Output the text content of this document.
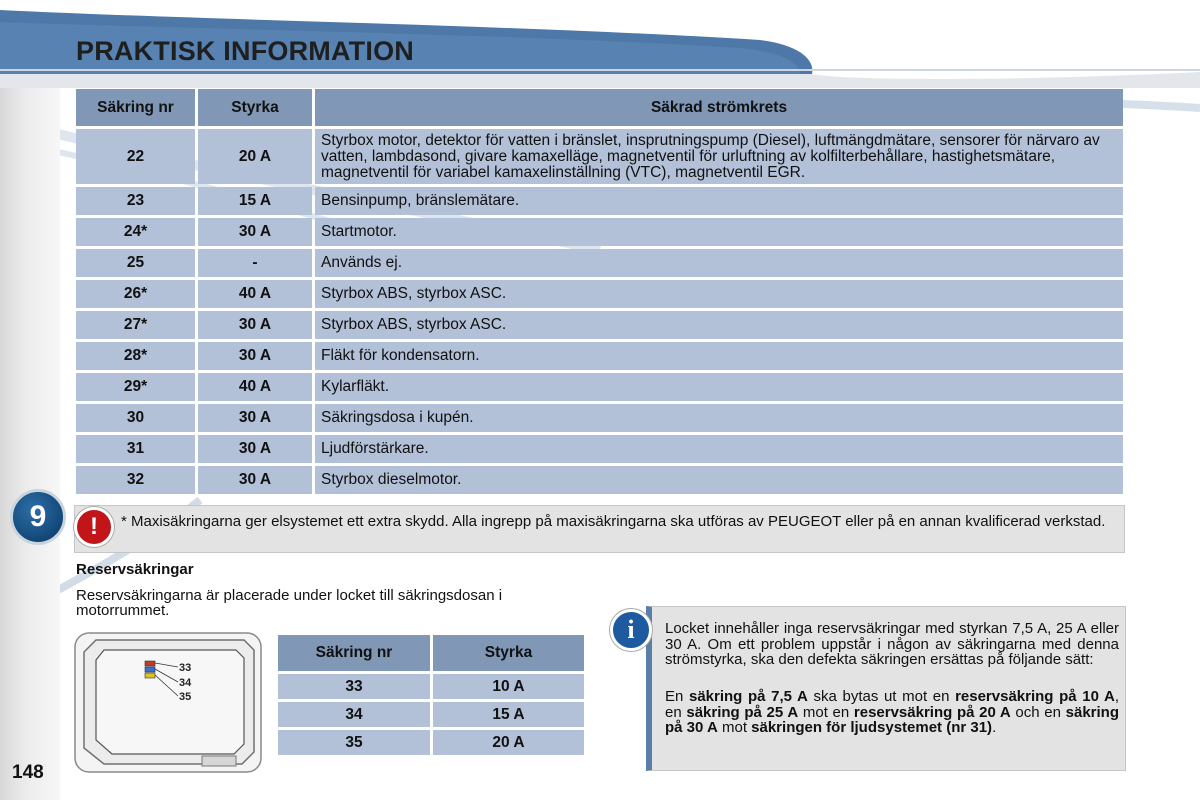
PRAKTISK INFORMATION
9
148
Säkring nr	Styrka	Säkrad strömkrets
22	20 A	Styrbox motor, detektor för vatten i bränslet, insprutningspump (Diesel), luftmängdmätare, sensorer för närvaro av vatten, lambdasond, givare kamaxelläge, magnetventil för urluftning av kolfilterbehållare, hastighetsmätare, magnetventil för variabel kamaxelinställning (VTC), magnetventil EGR.
23	15 A	Bensinpump, bränslemätare.
24*	30 A	Startmotor.
25	-	Används ej.
26*	40 A	Styrbox ABS, styrbox ASC.
27*	30 A	Styrbox ABS, styrbox ASC.
28*	30 A	Fläkt för kondensatorn.
29*	40 A	Kylarfläkt.
30	30 A	Säkringsdosa i kupén.
31	30 A	Ljudförstärkare.
32	30 A	Styrbox dieselmotor.
* Maxisäkringarna ger elsystemet ett extra skydd. Alla ingrepp på maxisäkringarna ska utföras av PEUGEOT eller på en annan kvalificerad verkstad.
!
Reservsäkringar
Reservsäkringarna är placerade under locket till säkringsdosan i motorrummet.
33
34
35
Säkring nr	Styrka
33	10 A
34	15 A
35	20 A
Locket innehåller inga reservsäkringar med styrkan 7,5 A, 25 A eller 30 A. Om ett problem uppstår i någon av säkringarna med denna strömstyrka, ska den defekta säkringen ersättas på följande sätt:
En säkring på 7,5 A ska bytas ut mot en reservsäkring på 10 A, en säkring på 25 A mot en reservsäkring på 20 A och en säkring på 30 A mot säkringen för ljudsystemet (nr 31).
i
